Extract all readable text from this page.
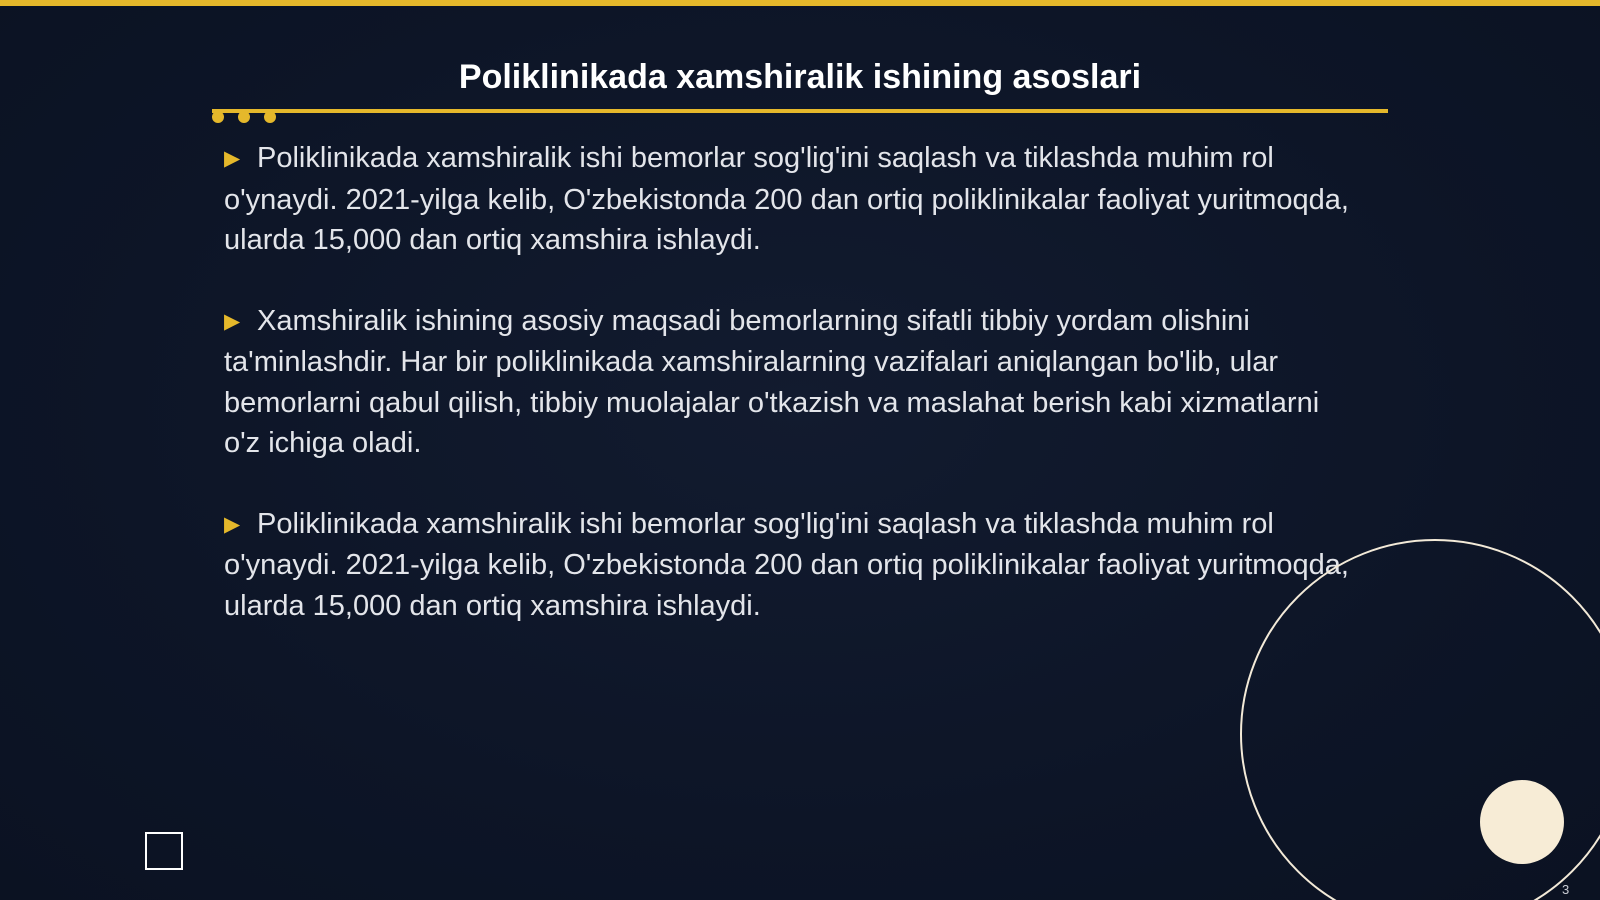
Poliklinikada xamshiralik ishining asoslari

▶ Poliklinikada xamshiralik ishi bemorlar sog'lig'ini saqlash va tiklashda muhim rol o'ynaydi. 2021-yilga kelib, O'zbekistonda 200 dan ortiq poliklinikalar faoliyat yuritmoqda, ularda 15,000 dan ortiq xamshira ishlaydi.

▶ Xamshiralik ishining asosiy maqsadi bemorlarning sifatli tibbiy yordam olishini ta'minlashdir. Har bir poliklinikada xamshiralarning vazifalari aniqlangan bo'lib, ular bemorlarni qabul qilish, tibbiy muolajalar o'tkazish va maslahat berish kabi xizmatlarni o'z ichiga oladi.

▶ Poliklinikada xamshiralik ishi bemorlar sog'lig'ini saqlash va tiklashda muhim rol o'ynaydi. 2021-yilga kelib, O'zbekistonda 200 dan ortiq poliklinikalar faoliyat yuritmoqda, ularda 15,000 dan ortiq xamshira ishlaydi.

3
